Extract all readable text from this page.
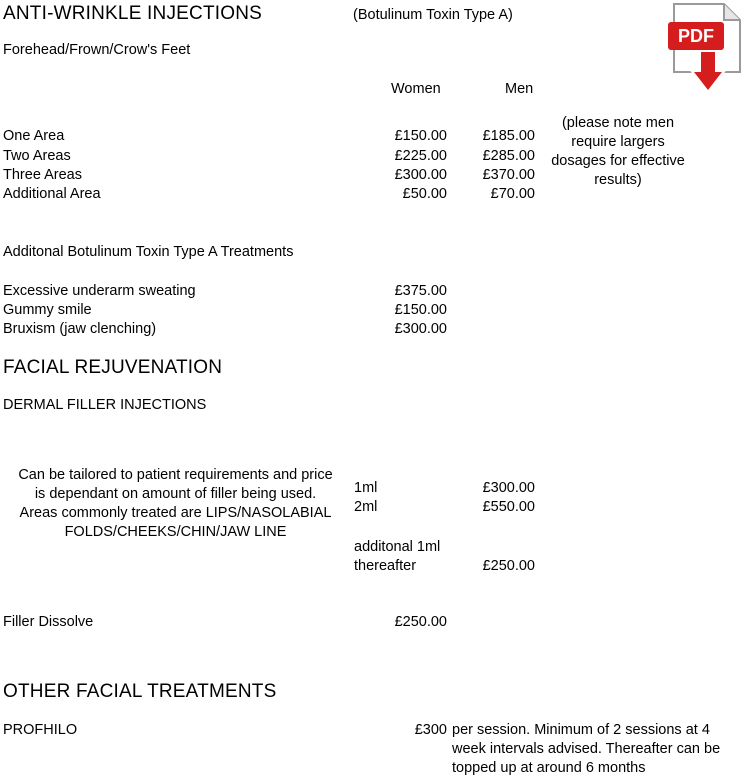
ANTI-WRINKLE INJECTIONS	(Botulinum Toxin Type A)
PDF
Forehead/Frown/Crow's Feet
Women	Men
One Area	£150.00	£185.00
Two Areas	£225.00	£285.00
Three Areas	£300.00	£370.00
Additional Area	£50.00	£70.00
(please note men
require largers
dosages for effective
results)
Additonal Botulinum Toxin Type A Treatments
Excessive underarm sweating	£375.00
Gummy smile	£150.00
Bruxism (jaw clenching)	£300.00
FACIAL REJUVENATION
DERMAL FILLER INJECTIONS
Can be tailored to patient requirements and price
is dependant on amount of filler being used.
Areas commonly treated are LIPS/NASOLABIAL
FOLDS/CHEEKS/CHIN/JAW LINE
1ml	£300.00
2ml	£550.00
additonal 1ml
thereafter	£250.00
Filler Dissolve	£250.00
OTHER FACIAL TREATMENTS
PROFHILO	£300 per session. Minimum of 2 sessions at 4
week intervals advised. Thereafter can be
topped up at around 6 months
